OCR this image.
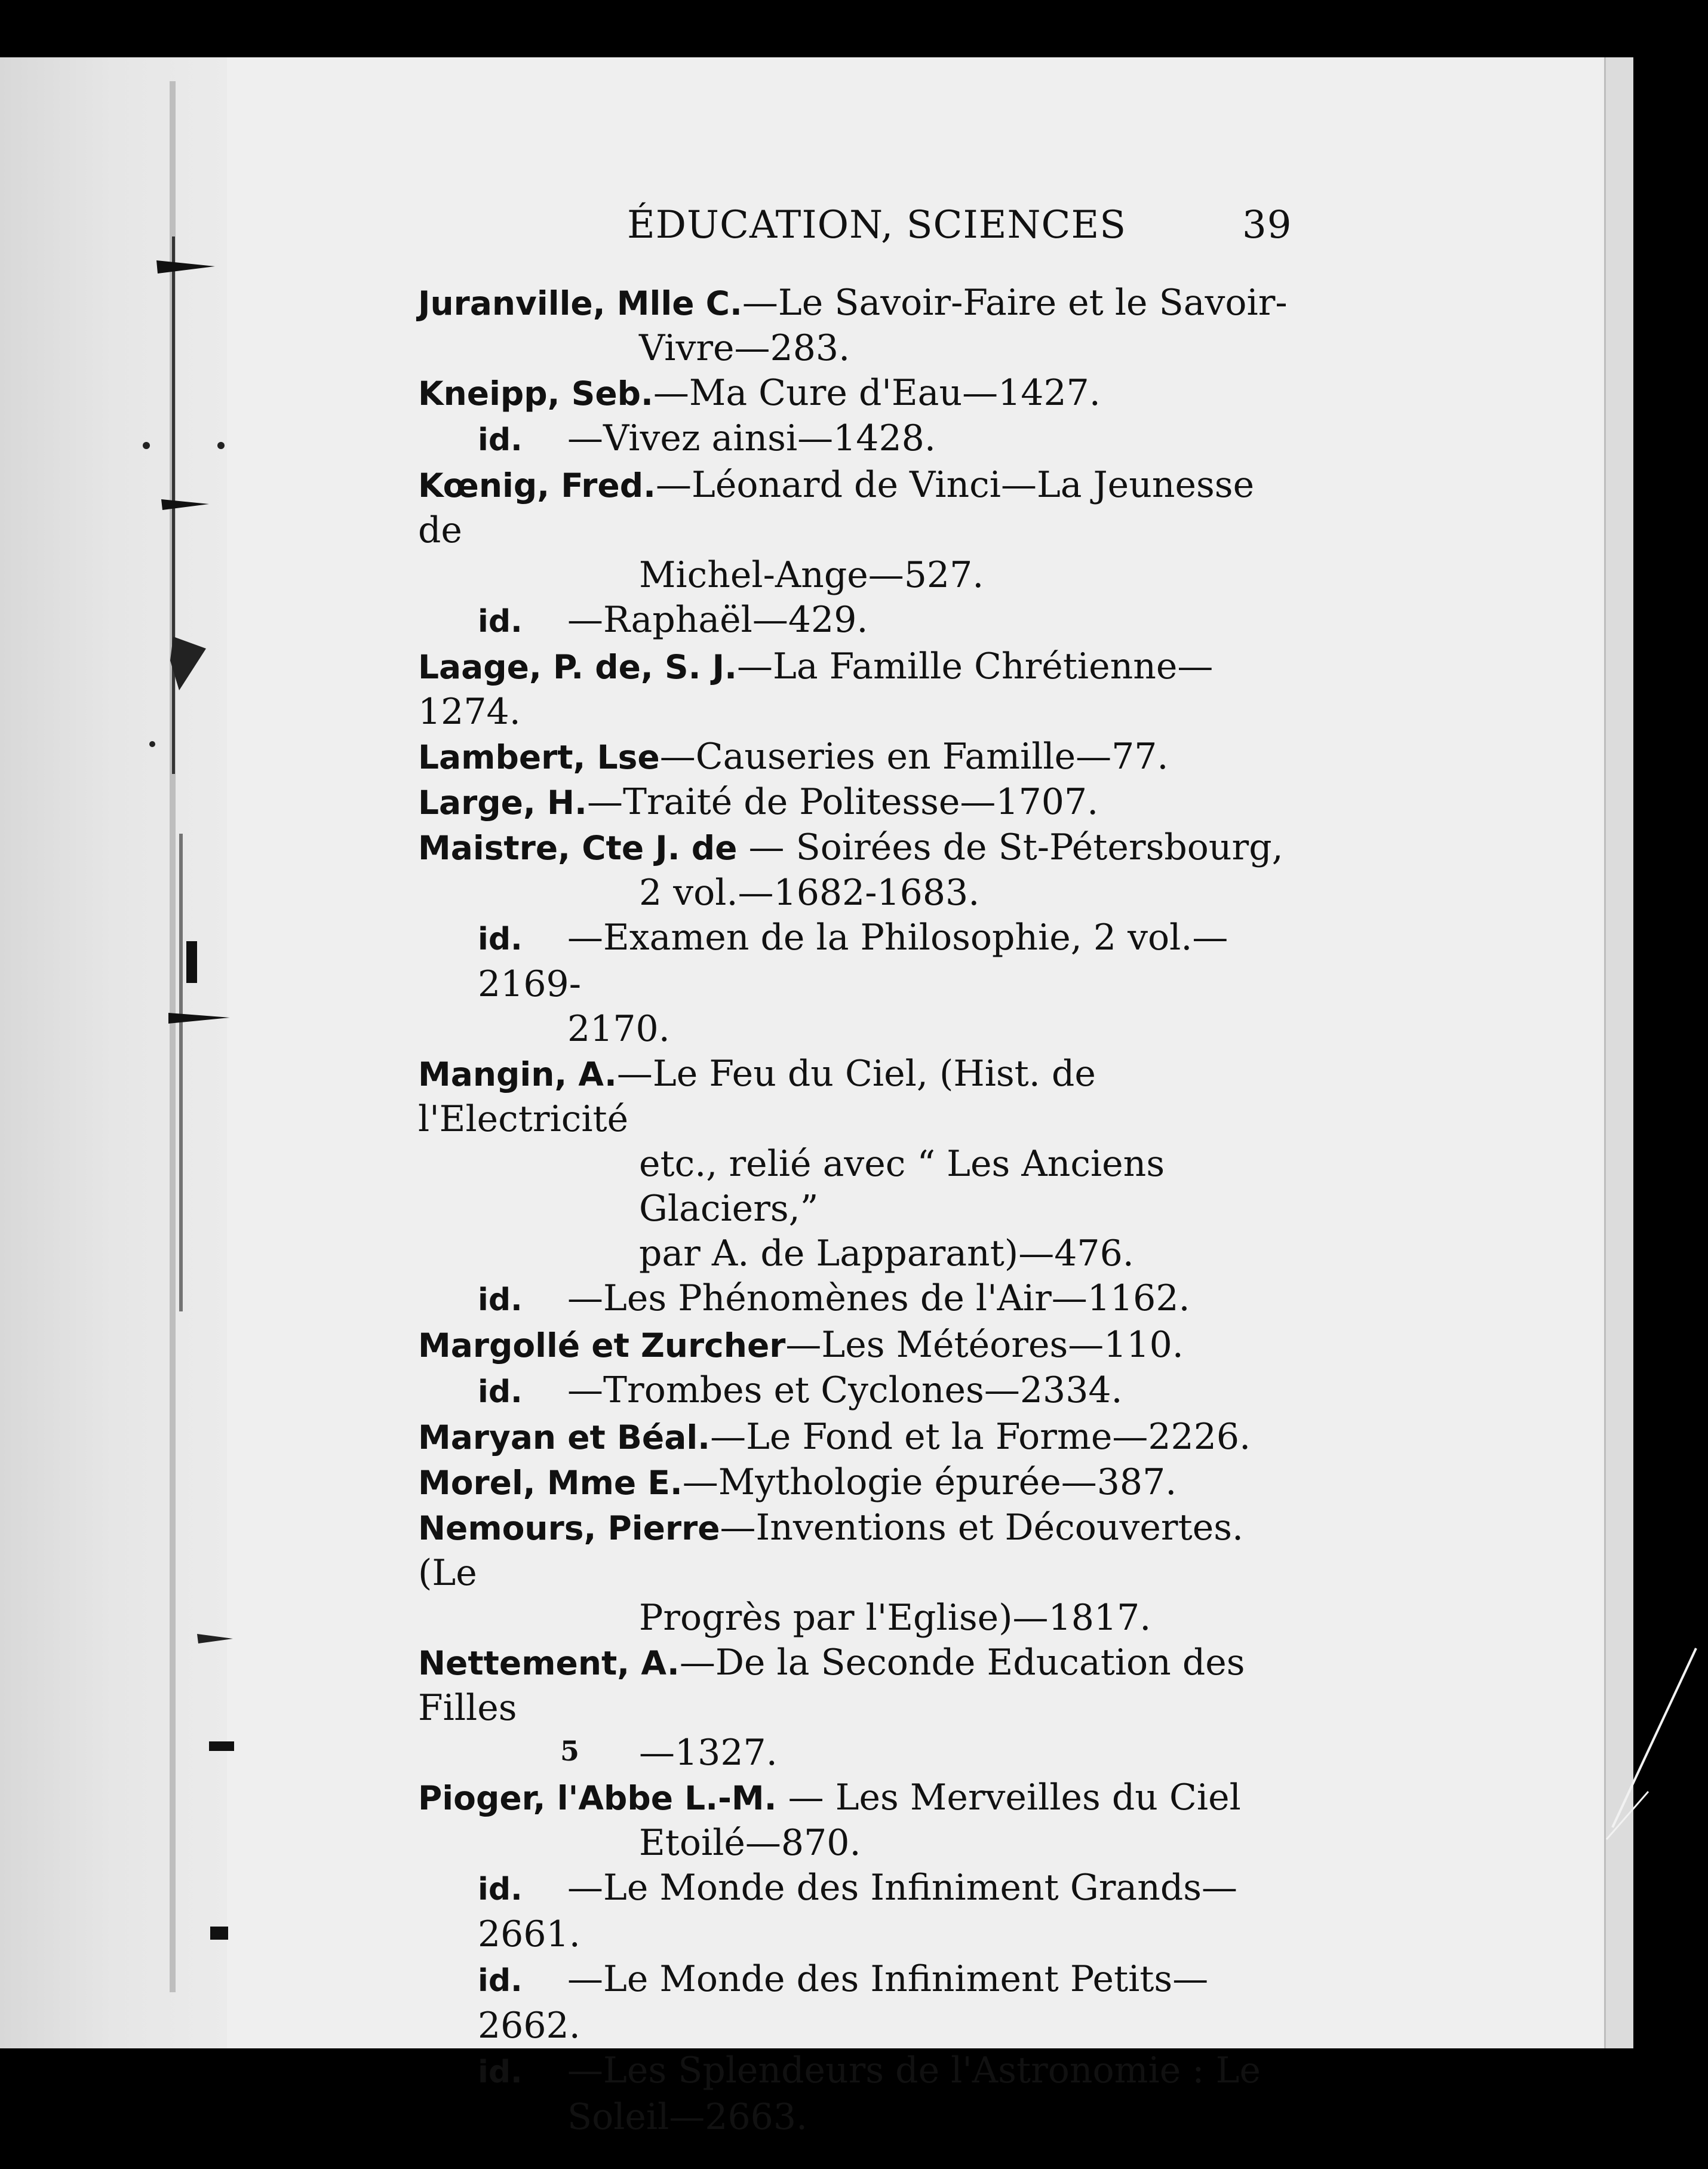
ÉDUCATION, SCIENCES	39
Juranville, Mlle C.—Le Savoir-Faire et le Savoir-
Vivre—283.
Kneipp, Seb.—Ma Cure d'Eau—1427.
id. —Vivez ainsi—1428.
Kœnig, Fred.—Léonard de Vinci—La Jeunesse de
Michel-Ange—527.
id. —Raphaël—429.
Laage, P. de, S. J.—La Famille Chrétienne—1274.
Lambert, Lse—Causeries en Famille—77.
Large, H.—Traité de Politesse—1707.
Maistre, Cte J. de — Soirées de St-Pétersbourg,
2 vol.—1682-1683.
id. —Examen de la Philosophie, 2 vol.—2169-
2170.
Mangin, A.—Le Feu du Ciel, (Hist. de l'Electricité
etc., relié avec “ Les Anciens Glaciers,”
par A. de Lapparant)—476.
id. —Les Phénomènes de l'Air—1162.
Margollé et Zurcher—Les Météores—110.
id. —Trombes et Cyclones—2334.
Maryan et Béal.—Le Fond et la Forme—2226.
Morel, Mme E.—Mythologie épurée—387.
Nemours, Pierre—Inventions et Découvertes. (Le
Progrès par l'Eglise)—1817.
Nettement, A.—De la Seconde Education des Filles
—1327.
Pioger, l'Abbe L.-M. — Les Merveilles du Ciel
Etoilé—870.
id. —Le Monde des Infiniment Grands—2661.
id. —Le Monde des Infiniment Petits—2662.
id. —Les Splendeurs de l'Astronomie : Le
Soleil—2663.
5
